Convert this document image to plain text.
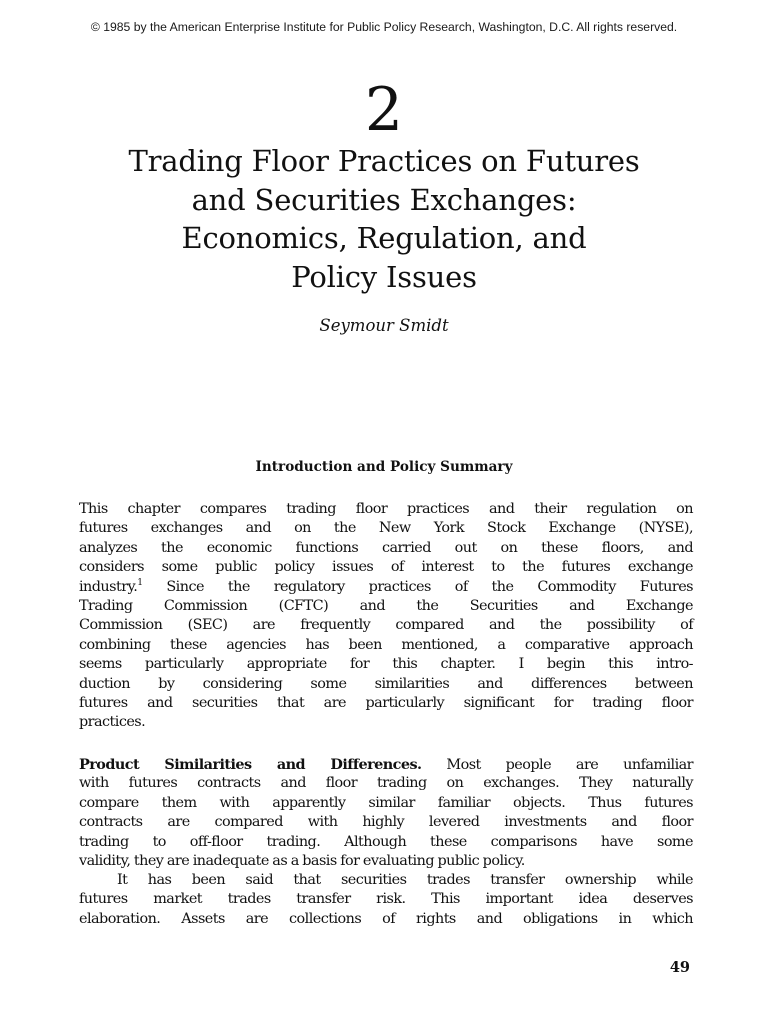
© 1985 by the American Enterprise Institute for Public Policy Research, Washington, D.C. All rights reserved.
2
Trading Floor Practices on Futures
and Securities Exchanges:
Economics, Regulation, and
Policy Issues
Seymour Smidt
Introduction and Policy Summary
This chapter compares trading floor practices and their regulation on
futures exchanges and on the New York Stock Exchange (NYSE),
analyzes the economic functions carried out on these floors, and
considers some public policy issues of interest to the futures exchange
industry.$^1$ Since the regulatory practices of the Commodity Futures
Trading Commission (CFTC) and the Securities and Exchange
Commission (SEC) are frequently compared and the possibility of
combining these agencies has been mentioned, a comparative approach
seems particularly appropriate for this chapter. I begin this intro-
duction by considering some similarities and differences between
futures and securities that are particularly significant for trading floor
practices.
Product Similarities and Differences. Most people are unfamiliar
with futures contracts and floor trading on exchanges. They naturally
compare them with apparently similar familiar objects. Thus futures
contracts are compared with highly levered investments and floor
trading to off-floor trading. Although these comparisons have some
validity, they are inadequate as a basis for evaluating public policy.
It has been said that securities trades transfer ownership while
futures market trades transfer risk. This important idea deserves
elaboration. Assets are collections of rights and obligations in which
49
